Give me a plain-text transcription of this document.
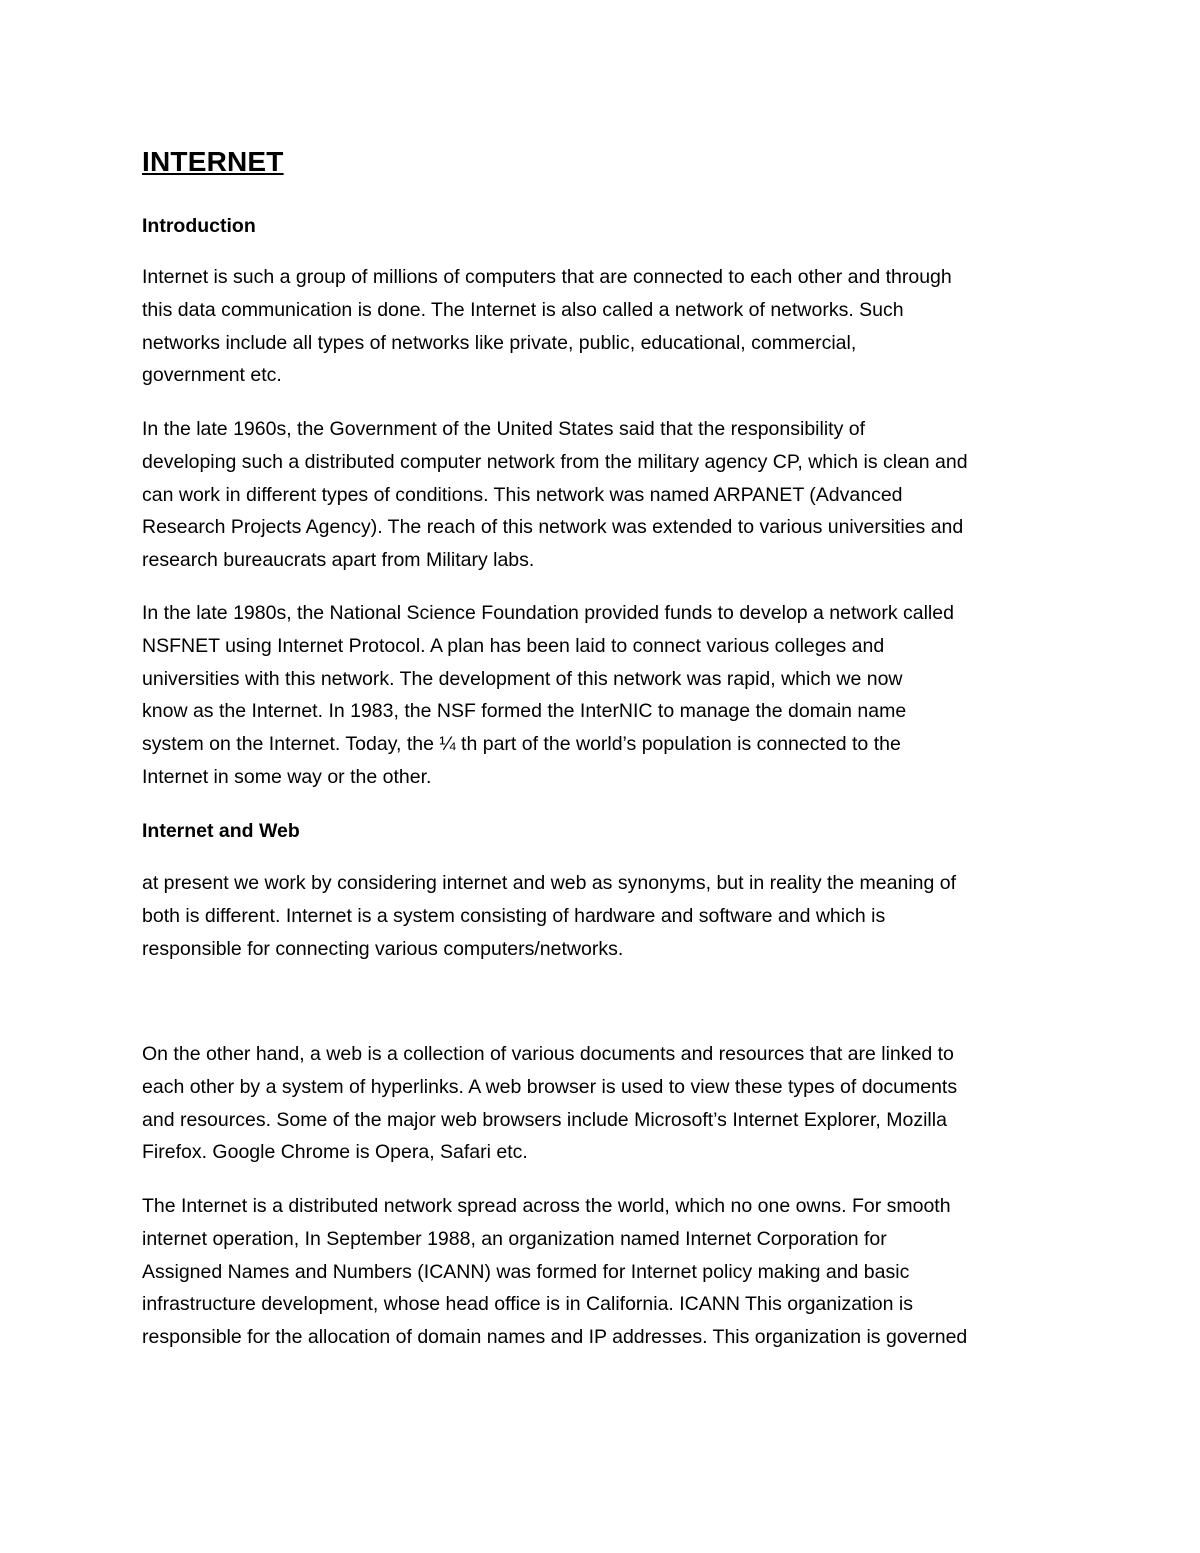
INTERNET
Introduction

Internet is such a group of millions of computers that are connected to each other and through
this data communication is done. The Internet is also called a network of networks. Such
networks include all types of networks like private, public, educational, commercial,
government etc.

In the late 1960s, the Government of the United States said that the responsibility of
developing such a distributed computer network from the military agency CP, which is clean and
can work in different types of conditions. This network was named ARPANET (Advanced
Research Projects Agency). The reach of this network was extended to various universities and
research bureaucrats apart from Military labs.

In the late 1980s, the National Science Foundation provided funds to develop a network called
NSFNET using Internet Protocol. A plan has been laid to connect various colleges and
universities with this network. The development of this network was rapid, which we now
know as the Internet. In 1983, the NSF formed the InterNIC to manage the domain name
system on the Internet. Today, the ¼ th part of the world’s population is connected to the
Internet in some way or the other.

Internet and Web

at present we work by considering internet and web as synonyms, but in reality the meaning of
both is different. Internet is a system consisting of hardware and software and which is
responsible for connecting various computers/networks.

On the other hand, a web is a collection of various documents and resources that are linked to
each other by a system of hyperlinks. A web browser is used to view these types of documents
and resources. Some of the major web browsers include Microsoft’s Internet Explorer, Mozilla
Firefox. Google Chrome is Opera, Safari etc.

The Internet is a distributed network spread across the world, which no one owns. For smooth
internet operation, In September 1988, an organization named Internet Corporation for
Assigned Names and Numbers (ICANN) was formed for Internet policy making and basic
infrastructure development, whose head office is in California. ICANN This organization is
responsible for the allocation of domain names and IP addresses. This organization is governed
